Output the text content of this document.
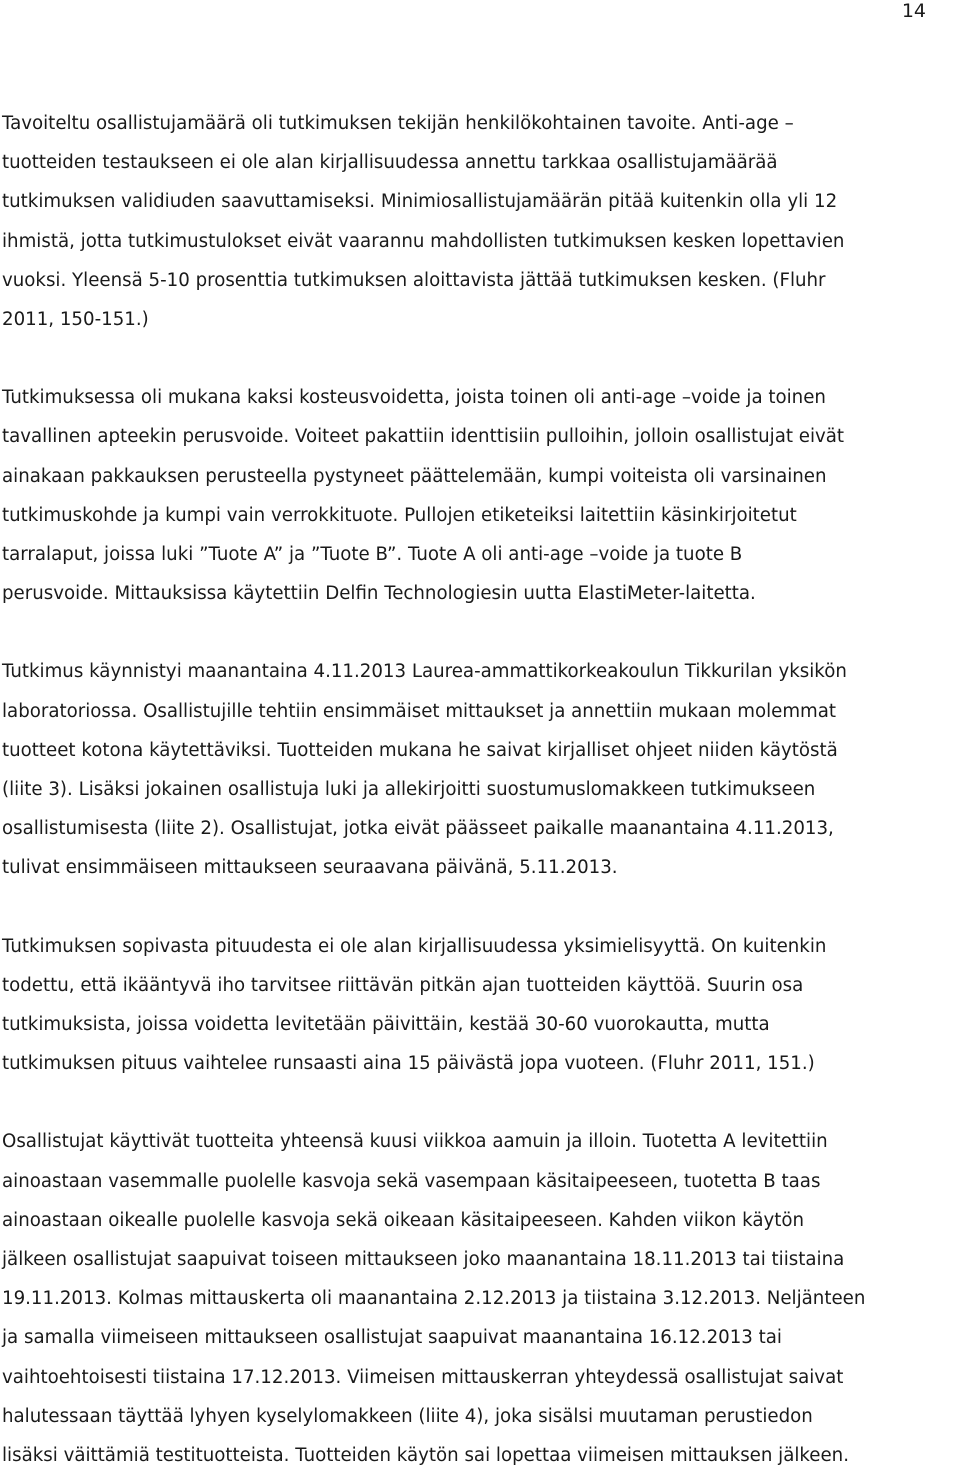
14

Tavoiteltu osallistujamäärä oli tutkimuksen tekijän henkilökohtainen tavoite. Anti-age –
tuotteiden testaukseen ei ole alan kirjallisuudessa annettu tarkkaa osallistujamäärää
tutkimuksen validiuden saavuttamiseksi. Minimiosallistujamäärän pitää kuitenkin olla yli 12
ihmistä, jotta tutkimustulokset eivät vaarannu mahdollisten tutkimuksen kesken lopettavien
vuoksi. Yleensä 5-10 prosenttia tutkimuksen aloittavista jättää tutkimuksen kesken. (Fluhr
2011, 150-151.)

Tutkimuksessa oli mukana kaksi kosteusvoidetta, joista toinen oli anti-age –voide ja toinen
tavallinen apteekin perusvoide. Voiteet pakattiin identtisiin pulloihin, jolloin osallistujat eivät
ainakaan pakkauksen perusteella pystyneet päättelemään, kumpi voiteista oli varsinainen
tutkimuskohde ja kumpi vain verrokkituote. Pullojen etiketeiksi laitettiin käsinkirjoitetut
tarralaput, joissa luki ”Tuote A” ja ”Tuote B”. Tuote A oli anti-age –voide ja tuote B
perusvoide. Mittauksissa käytettiin Delfin Technologiesin uutta ElastiMeter-laitetta.

Tutkimus käynnistyi maanantaina 4.11.2013 Laurea-ammattikorkeakoulun Tikkurilan yksikön
laboratoriossa. Osallistujille tehtiin ensimmäiset mittaukset ja annettiin mukaan molemmat
tuotteet kotona käytettäviksi. Tuotteiden mukana he saivat kirjalliset ohjeet niiden käytöstä
(liite 3). Lisäksi jokainen osallistuja luki ja allekirjoitti suostumuslomakkeen tutkimukseen
osallistumisesta (liite 2). Osallistujat, jotka eivät päässeet paikalle maanantaina 4.11.2013,
tulivat ensimmäiseen mittaukseen seuraavana päivänä, 5.11.2013.

Tutkimuksen sopivasta pituudesta ei ole alan kirjallisuudessa yksimielisyyttä. On kuitenkin
todettu, että ikääntyvä iho tarvitsee riittävän pitkän ajan tuotteiden käyttöä. Suurin osa
tutkimuksista, joissa voidetta levitetään päivittäin, kestää 30-60 vuorokautta, mutta
tutkimuksen pituus vaihtelee runsaasti aina 15 päivästä jopa vuoteen. (Fluhr 2011, 151.)

Osallistujat käyttivät tuotteita yhteensä kuusi viikkoa aamuin ja illoin. Tuotetta A levitettiin
ainoastaan vasemmalle puolelle kasvoja sekä vasempaan käsitaipeeseen, tuotetta B taas
ainoastaan oikealle puolelle kasvoja sekä oikeaan käsitaipeeseen. Kahden viikon käytön
jälkeen osallistujat saapuivat toiseen mittaukseen joko maanantaina 18.11.2013 tai tiistaina
19.11.2013. Kolmas mittauskerta oli maanantaina 2.12.2013 ja tiistaina 3.12.2013. Neljänteen
ja samalla viimeiseen mittaukseen osallistujat saapuivat maanantaina 16.12.2013 tai
vaihtoehtoisesti tiistaina 17.12.2013. Viimeisen mittauskerran yhteydessä osallistujat saivat
halutessaan täyttää lyhyen kyselylomakkeen (liite 4), joka sisälsi muutaman perustiedon
lisäksi väittämiä testituotteista. Tuotteiden käytön sai lopettaa viimeisen mittauksen jälkeen.
